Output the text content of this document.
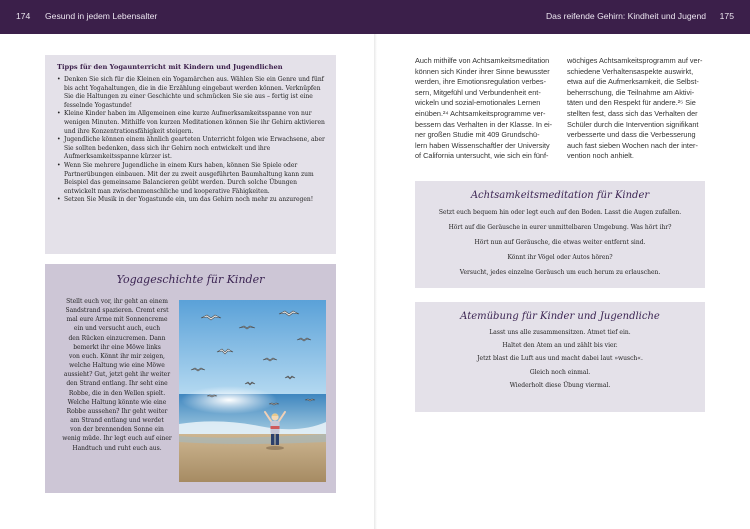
174 Gesund in jedem Lebensalter	Das reifende Gehirn: Kindheit und Jugend 175
Tipps für den Yogaunterricht mit Kindern und Jugendlichen
• Denken Sie sich für die Kleinen ein Yogamärchen aus. Wählen Sie ein Genre und fünf bis acht Yogahaltungen, die in die Erzählung eingebaut werden können. Verknüpfen Sie die Haltungen zu einer Geschichte und schmücken Sie sie aus – fertig ist eine fesselnde Yogastunde!
• Kleine Kinder haben im Allgemeinen eine kurze Aufmerksamkeitsspanne von nur wenigen Minuten. Mithilfe von kurzen Meditationen können Sie ihr Gehirn aktivieren und ihre Konzentrationsfähigkeit steigern.
• Jugendliche können einem ähnlich gearteten Unterricht folgen wie Erwachsene, aber Sie sollten bedenken, dass sich ihr Gehirn noch entwickelt und ihre Aufmerksamkeitsspanne kürzer ist.
• Wenn Sie mehrere Jugendliche in einem Kurs haben, können Sie Spiele oder Partnerübungen einbauen. Mit der zu zweit ausgeführten Baumhaltung kann zum Beispiel das gemeinsame Balancieren geübt werden. Durch solche Übungen entwickelt man zwischenmenschliche und kooperative Fähigkeiten.
• Setzen Sie Musik in der Yogastunde ein, um das Gehirn noch mehr zu anzuregen!
Yogageschichte für Kinder
Stellt euch vor, ihr geht an einem
Sandstrand spazieren. Cremt erst
mal eure Arme mit Sonnencreme
ein und versucht auch, euch
den Rücken einzucremen. Dann
bemerkt ihr eine Möwe links
von euch. Könnt ihr mir zeigen,
welche Haltung wie eine Möwe
aussieht? Gut, jetzt geht ihr weiter
den Strand entlang. Ihr seht eine
Robbe, die in den Wellen spielt.
Welche Haltung könnte wie eine
Robbe aussehen? Ihr geht weiter
am Strand entlang und werdet
von der brennenden Sonne ein
wenig müde. Ihr legt euch auf einer
Handtuch und ruht euch aus.
Auch mithilfe von Achtsamkeitsmeditation
können sich Kinder ihrer Sinne bewusster
werden, ihre Emotionsregulation verbes-
sern, Mitgefühl und Verbundenheit ent-
wickeln und sozial-emotionales Lernen
einüben.²⁴ Achtsamkeitsprogramme ver-
bessern das Verhalten in der Klasse. In ei-
ner großen Studie mit 409 Grundschü-
lern haben Wissenschaftler der University
of California untersucht, wie sich ein fünf-
wöchiges Achtsamkeitsprogramm auf ver-
schiedene Verhaltensaspekte auswirkt,
etwa auf die Aufmerksamkeit, die Selbst-
beherrschung, die Teilnahme am Aktivi-
täten und den Respekt für andere.²⁵ Sie
stellten fest, dass sich das Verhalten der
Schüler durch die Intervention signifikant
verbesserte und dass die Verbesserung
auch fast sieben Wochen nach der inter-
vention noch anhielt.
Achtsamkeitsmeditation für Kinder
Setzt euch bequem hin oder legt euch auf den Boden. Lasst die Augen zufallen.
Hört auf die Geräusche in eurer unmittelbaren Umgebung. Was hört ihr?
Hört nun auf Geräusche, die etwas weiter entfernt sind.
Könnt ihr Vögel oder Autos hören?
Versucht, jedes einzelne Geräusch um euch herum zu erlauschen.
Atemübung für Kinder und Jugendliche
Lasst uns alle zusammensitzen. Atmet tief ein.
Haltet den Atem an und zählt bis vier.
Jetzt blast die Luft aus und macht dabei laut »wusch«.
Gleich noch einmal.
Wiederholt diese Übung viermal.
